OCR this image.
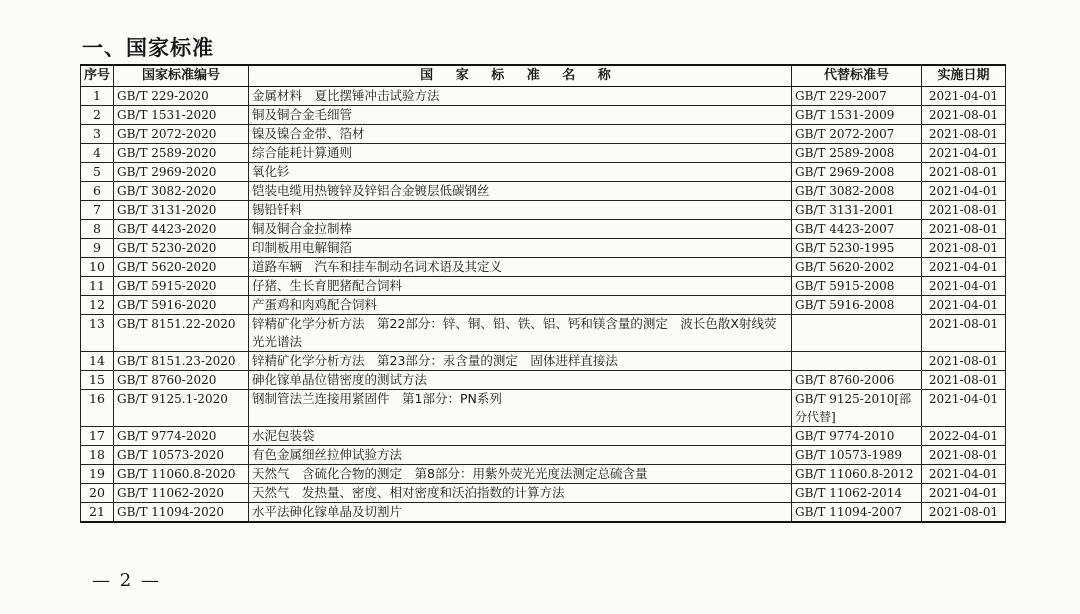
一、国家标准
序号	国家标准编号	国 家 标 准 名 称	代替标准号	实施日期
1	GB/T 229-2020	金属材料　夏比摆锤冲击试验方法	GB/T 229-2007	2021-04-01
2	GB/T 1531-2020	铜及铜合金毛细管	GB/T 1531-2009	2021-08-01
3	GB/T 2072-2020	镍及镍合金带、箔材	GB/T 2072-2007	2021-08-01
4	GB/T 2589-2020	综合能耗计算通则	GB/T 2589-2008	2021-04-01
5	GB/T 2969-2020	氧化钐	GB/T 2969-2008	2021-08-01
6	GB/T 3082-2020	铠装电缆用热镀锌及锌铝合金镀层低碳钢丝	GB/T 3082-2008	2021-04-01
7	GB/T 3131-2020	锡铅钎料	GB/T 3131-2001	2021-08-01
8	GB/T 4423-2020	铜及铜合金拉制棒	GB/T 4423-2007	2021-08-01
9	GB/T 5230-2020	印制板用电解铜箔	GB/T 5230-1995	2021-08-01
10	GB/T 5620-2020	道路车辆　汽车和挂车制动名词术语及其定义	GB/T 5620-2002	2021-04-01
11	GB/T 5915-2020	仔猪、生长育肥猪配合饲料	GB/T 5915-2008	2021-04-01
12	GB/T 5916-2020	产蛋鸡和肉鸡配合饲料	GB/T 5916-2008	2021-04-01
13	GB/T 8151.22-2020	锌精矿化学分析方法　第22部分：锌、铜、铅、铁、铝、钙和镁含量的测定　波长色散X射线荧光光谱法		2021-08-01
14	GB/T 8151.23-2020	锌精矿化学分析方法　第23部分：汞含量的测定　固体进样直接法		2021-08-01
15	GB/T 8760-2020	砷化镓单晶位错密度的测试方法	GB/T 8760-2006	2021-08-01
16	GB/T 9125.1-2020	钢制管法兰连接用紧固件　第1部分：PN系列	GB/T 9125-2010[部分代替]	2021-04-01
17	GB/T 9774-2020	水泥包装袋	GB/T 9774-2010	2022-04-01
18	GB/T 10573-2020	有色金属细丝拉伸试验方法	GB/T 10573-1989	2021-08-01
19	GB/T 11060.8-2020	天然气　含硫化合物的测定　第8部分：用紫外荧光光度法测定总硫含量	GB/T 11060.8-2012	2021-04-01
20	GB/T 11062-2020	天然气　发热量、密度、相对密度和沃泊指数的计算方法	GB/T 11062-2014	2021-04-01
21	GB/T 11094-2020	水平法砷化镓单晶及切割片	GB/T 11094-2007	2021-08-01
— 2 —
